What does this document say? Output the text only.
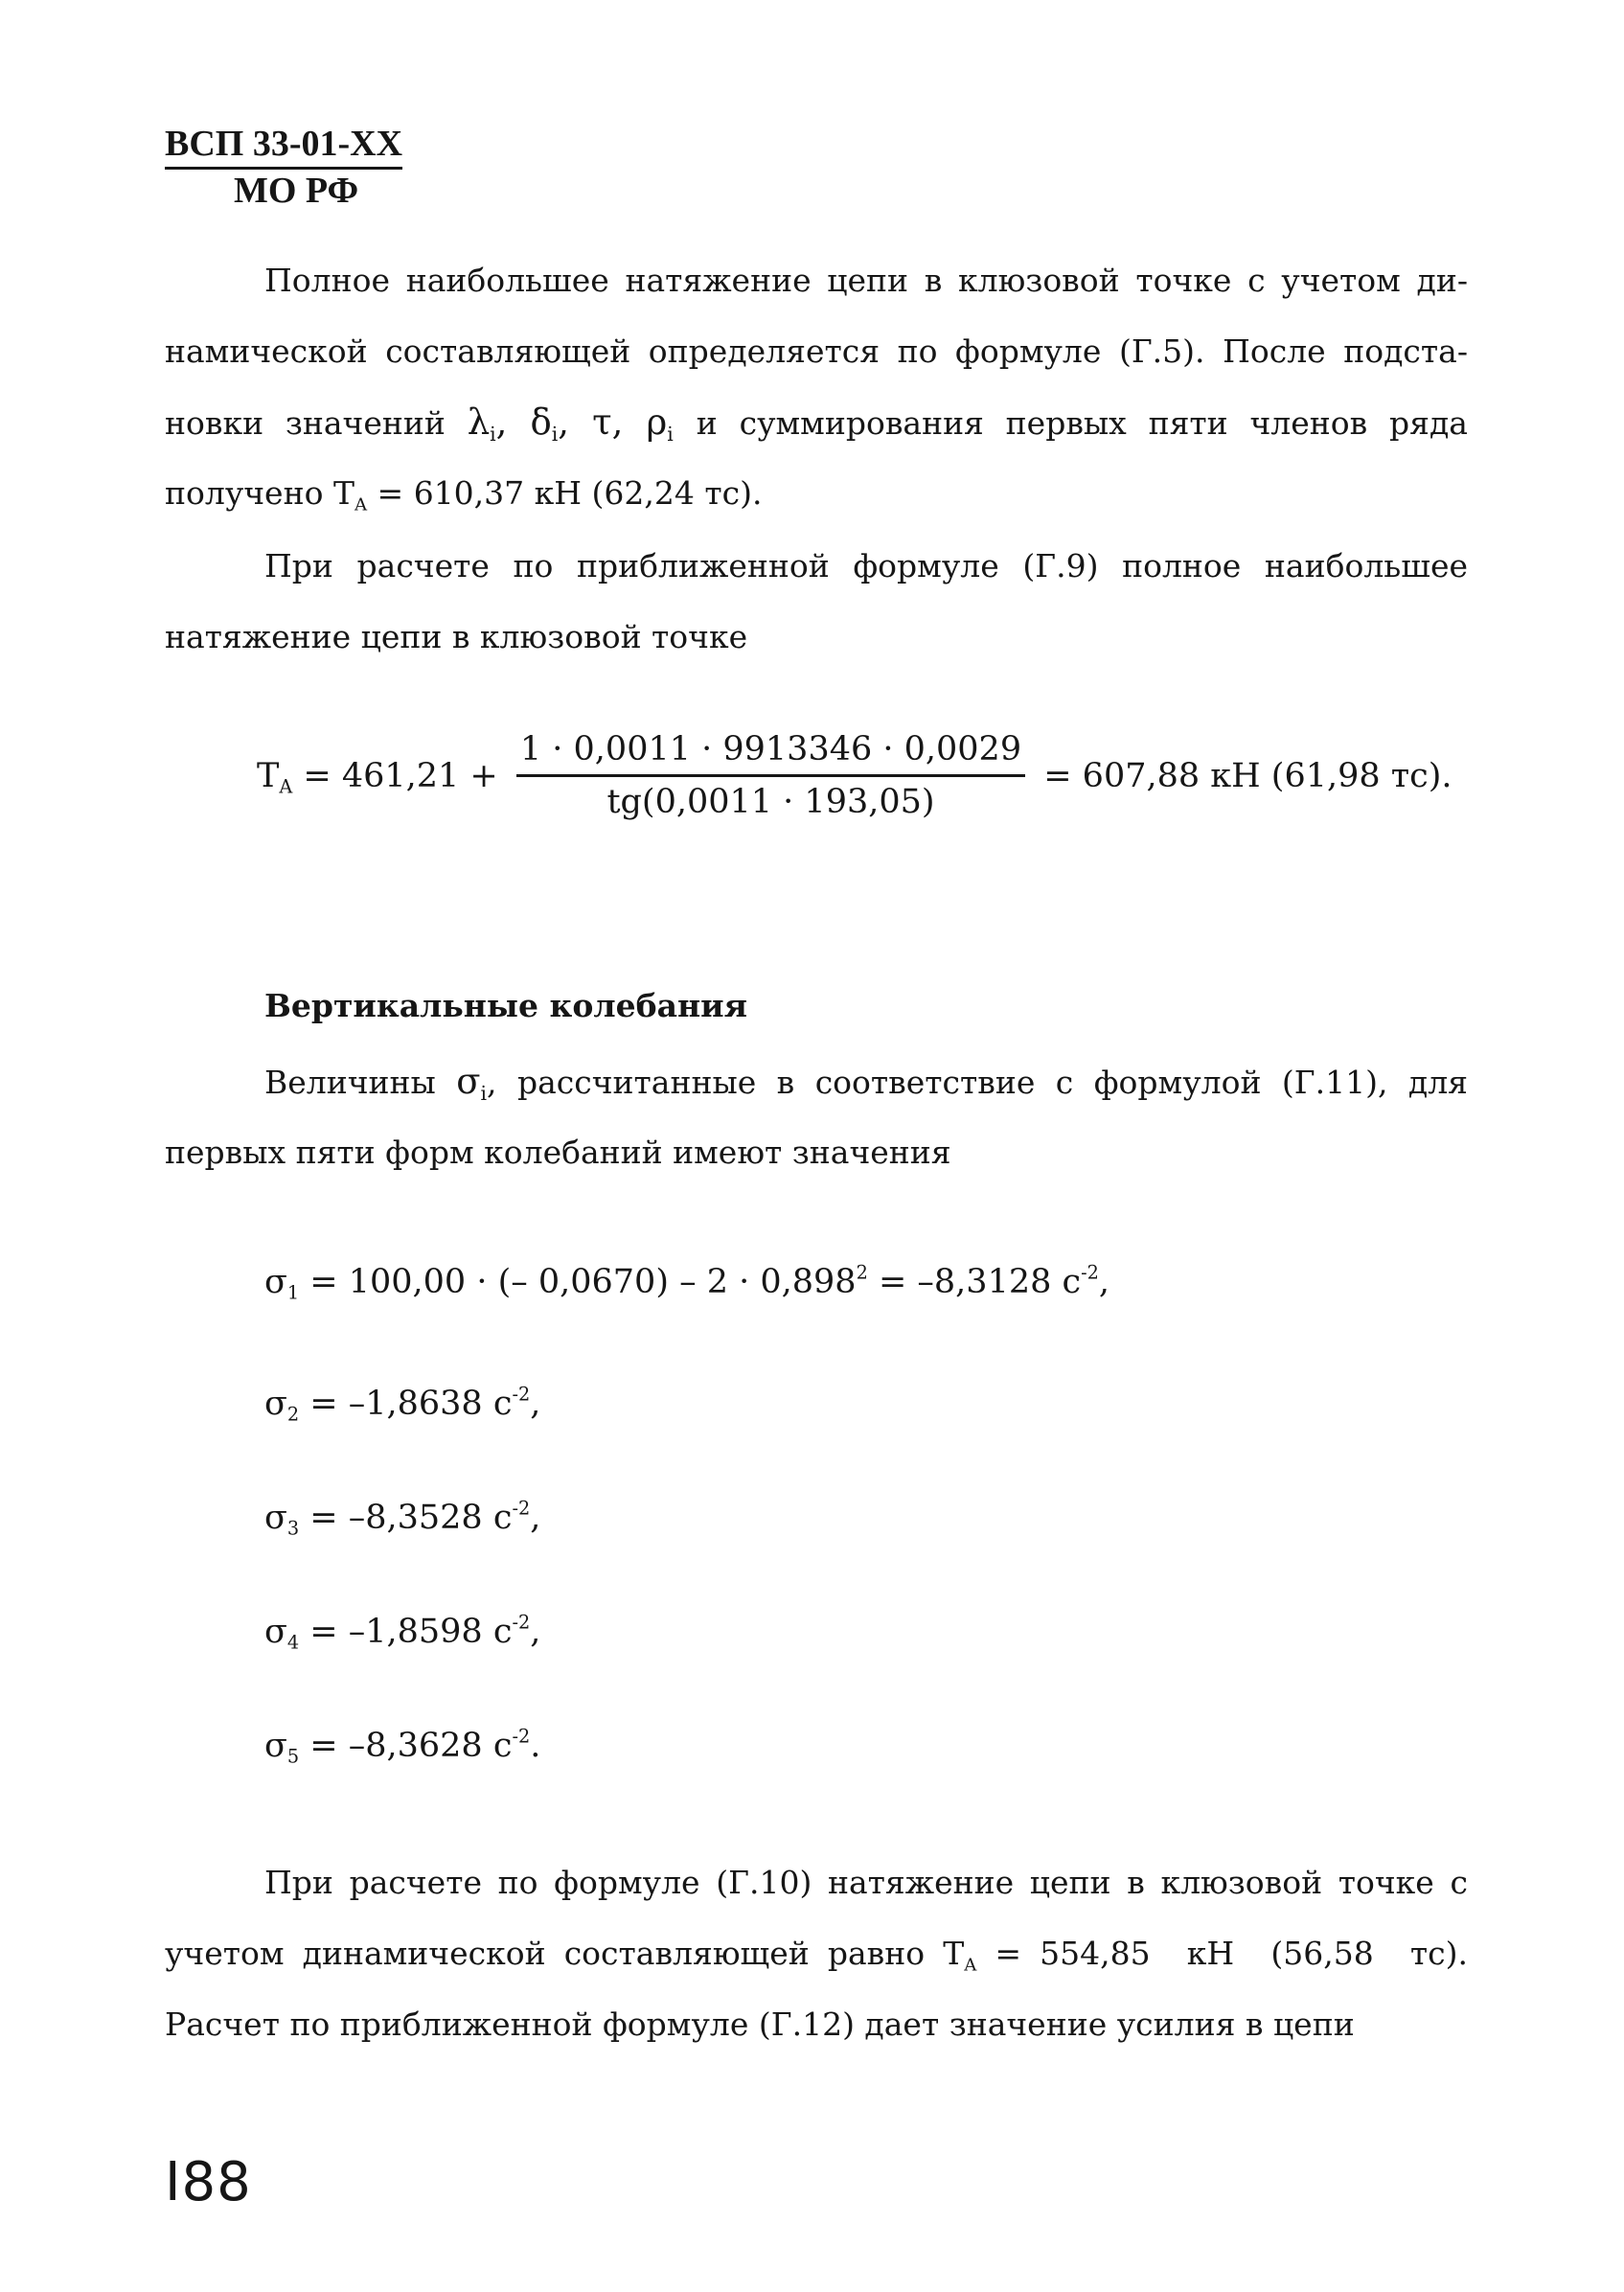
ВСП 33-01-XX
МО РФ
Полное наибольшее натяжение цепи в клюзовой точке с учетом ди-
намической составляющей определяется по формуле (Г.5). После подста-
новки значений $\lambda_i$, $\delta_i$, τ, $\rho_i$ и суммирования первых пяти членов ряда
получено $Т_A = 610,37$ кН (62,24 тс).
При расчете по приближенной формуле (Г.9) полное наибольшее
натяжение цепи в клюзовой точке
$Т_A = 461,21 + \frac{1 \cdot 0,0011 \cdot 9913346 \cdot 0,0029}{tg(0,0011 \cdot 193,05)} = 607,88$ кН (61,98 тс).
Вертикальные колебания
Величины $\sigma_i$, рассчитанные в соответствие с формулой (Г.11), для
первых пяти форм колебаний имеют значения
$\sigma_1 = 100,00$ · (– $0,0670) - 2 \cdot 0,898^2 = -8,3128$ $с^{-2}$,
$\sigma_2 = -1,8638$ $с^{-2}$,
$\sigma_3 = -8,3528$ $с^{-2}$,
$\sigma_4 = -1,8598$ $с^{-2}$,
$\sigma_5 = -8,3628$ $с^{-2}$.
При расчете по формуле (Г.10) натяжение цепи в клюзовой точке с
учетом динамической составляющей равно $Т_A = 554,85$  кН  (56,58  тс).
Расчет по приближенной формуле (Г.12) дает значение усилия в цепи
I88
